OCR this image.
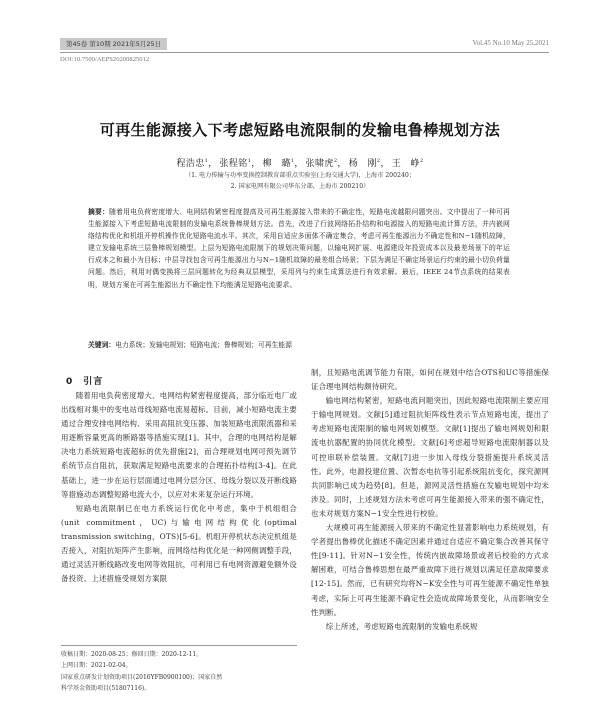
第45卷 第10期 2021年5月25日	Vol.45 No.10 May 25,2021
DOI:10.7500/AEPS20200825012
可再生能源接入下考虑短路电流限制的发输电鲁棒规划方法
程浩忠$^1$， 张程铭$^1$， 柳　璐$^1$， 张啸虎$^2$， 杨　刚$^2$， 王　峥$^2$
（1. 电力传输与功率变换控制教育部重点实验室(上海交通大学)，上海市 200240；
2. 国家电网有限公司华东分部，上海市 200210）
摘要：随着用电负荷密度增大、电网结构紧密程度提高及可再生能源接入带来的不确定性，短路电流越限问题突出。文中提出了一种可再生能源接入下考虑短路电流限制的发输电系统鲁棒规划方法。首先，改进了行波网络拓扑结构和电源接入的短路电流计算方法，并内嵌网络结构优化和机组开停机操作优化短路电流水平。其次，采用自适应多面体不确定集合，考虑可再生能源出力不确定性和N−1随机故障，建立发输电系统三层鲁棒规划模型。上层为短路电流限制下的规划决策问题，以输电网扩展、电源建设年投资成本以及最差场景下的年运行成本之和最小为目标；中层寻找包含可再生能源出力与N−1随机故障的最差组合场景；下层为满足不确定场景运行约束的最小切负荷量问题。然后，利用对偶变换将三层问题转化为经典双层模型，采用列与约束生成算法进行有效求解。最后，IEEE 24节点系统的结果表明，规划方案在可再生能源出力不确定性下均能满足短路电流要求。
关键词：电力系统；发输电规划；短路电流；鲁棒规划；可再生能源
0　引言

随着用电负荷密度增大、电网结构紧密程度提高，部分临近电厂或出线相对集中的变电站母线短路电流易超标。目前，减小短路电流主要通过合理安排电网结构、采用高阻抗变压器、加装短路电流限流器和采用逐断容量更高的断路器等措施实现[1]。其中，合理的电网结构是解决电力系统短路电流超标的优先措施[2]，而合理规划电网可预先调节系统节点自阻抗，获取满足短路电流要求的合理拓扑结构[3-4]。在此基础上，进一步在运行层面通过电网分层分区、母线分裂以及开断线路等措施动态调整短路电流大小，以应对未来复杂运行环境。

短路电流限制已在电力系统运行优化中考虑，集中于机组组合(unit commitment，UC)与输电网结构优化(optimal transmission switching，OTS)[5-6]。机组开停机状态决定机组是否接入，对阻抗矩阵产生影响，而网络结构优化是一种网侧调整手段，通过灵活开断线路改变电网等效阻抗，可利用已有电网资源避免额外设备投资。上述措施受规划方案限

制，且短路电流调节能力有限，如何在规划中结合OTS和UC等措施保证合理电网结构颇待研究。

输电网结构紧密，短路电流问题突出，因此短路电流限制主要应用于输电网规划。文献[5]通过阻抗矩阵线性表示节点短路电流，提出了考虑短路电流限制的输电网规划模型。文献[1]提出了输电网规划和限流电抗器配置的协同优化模型。文献[6]考虑超导短路电流限制器以及可控串联补偿装置。文献[7]进一步加入母线分裂措施提升系统灵活性。此外，电源投建位置、次暂态电抗等引起系统阻抗变化，探究源网共同影响已成为趋势[8]。但是，源网灵活性措施在发输电规划中均未涉及。同时，上述规划方法未考虑可再生能源接入带来的强不确定性，也未对规划方案N−1安全性进行校验。

大规模可再生能源接入带来的不确定性显著影响电力系统规划，有学者提出鲁棒优化描述不确定因素并通过自适应不确定集合改善其保守性[9-11]。针对N−1安全性，传统内嵌故障场景或者后校验的方式求解困难，可结合鲁棒思想在最严重故障下进行规划以满足任意故障要求[12-15]。然而，已有研究均将N−K安全性与可再生能源不确定性单独考虑，实际上可再生能源不确定性会造成故障场景变化，从而影响安全性判断。

综上所述，考虑短路电流限制的发输电系统规

收稿日期：2020-08-25；修回日期：2020-12-11。
上网日期：2021-02-04。
国家重点研发计划资助项目(2016YFB0900100)；国家自然
科学基金资助项目(51807116)。
